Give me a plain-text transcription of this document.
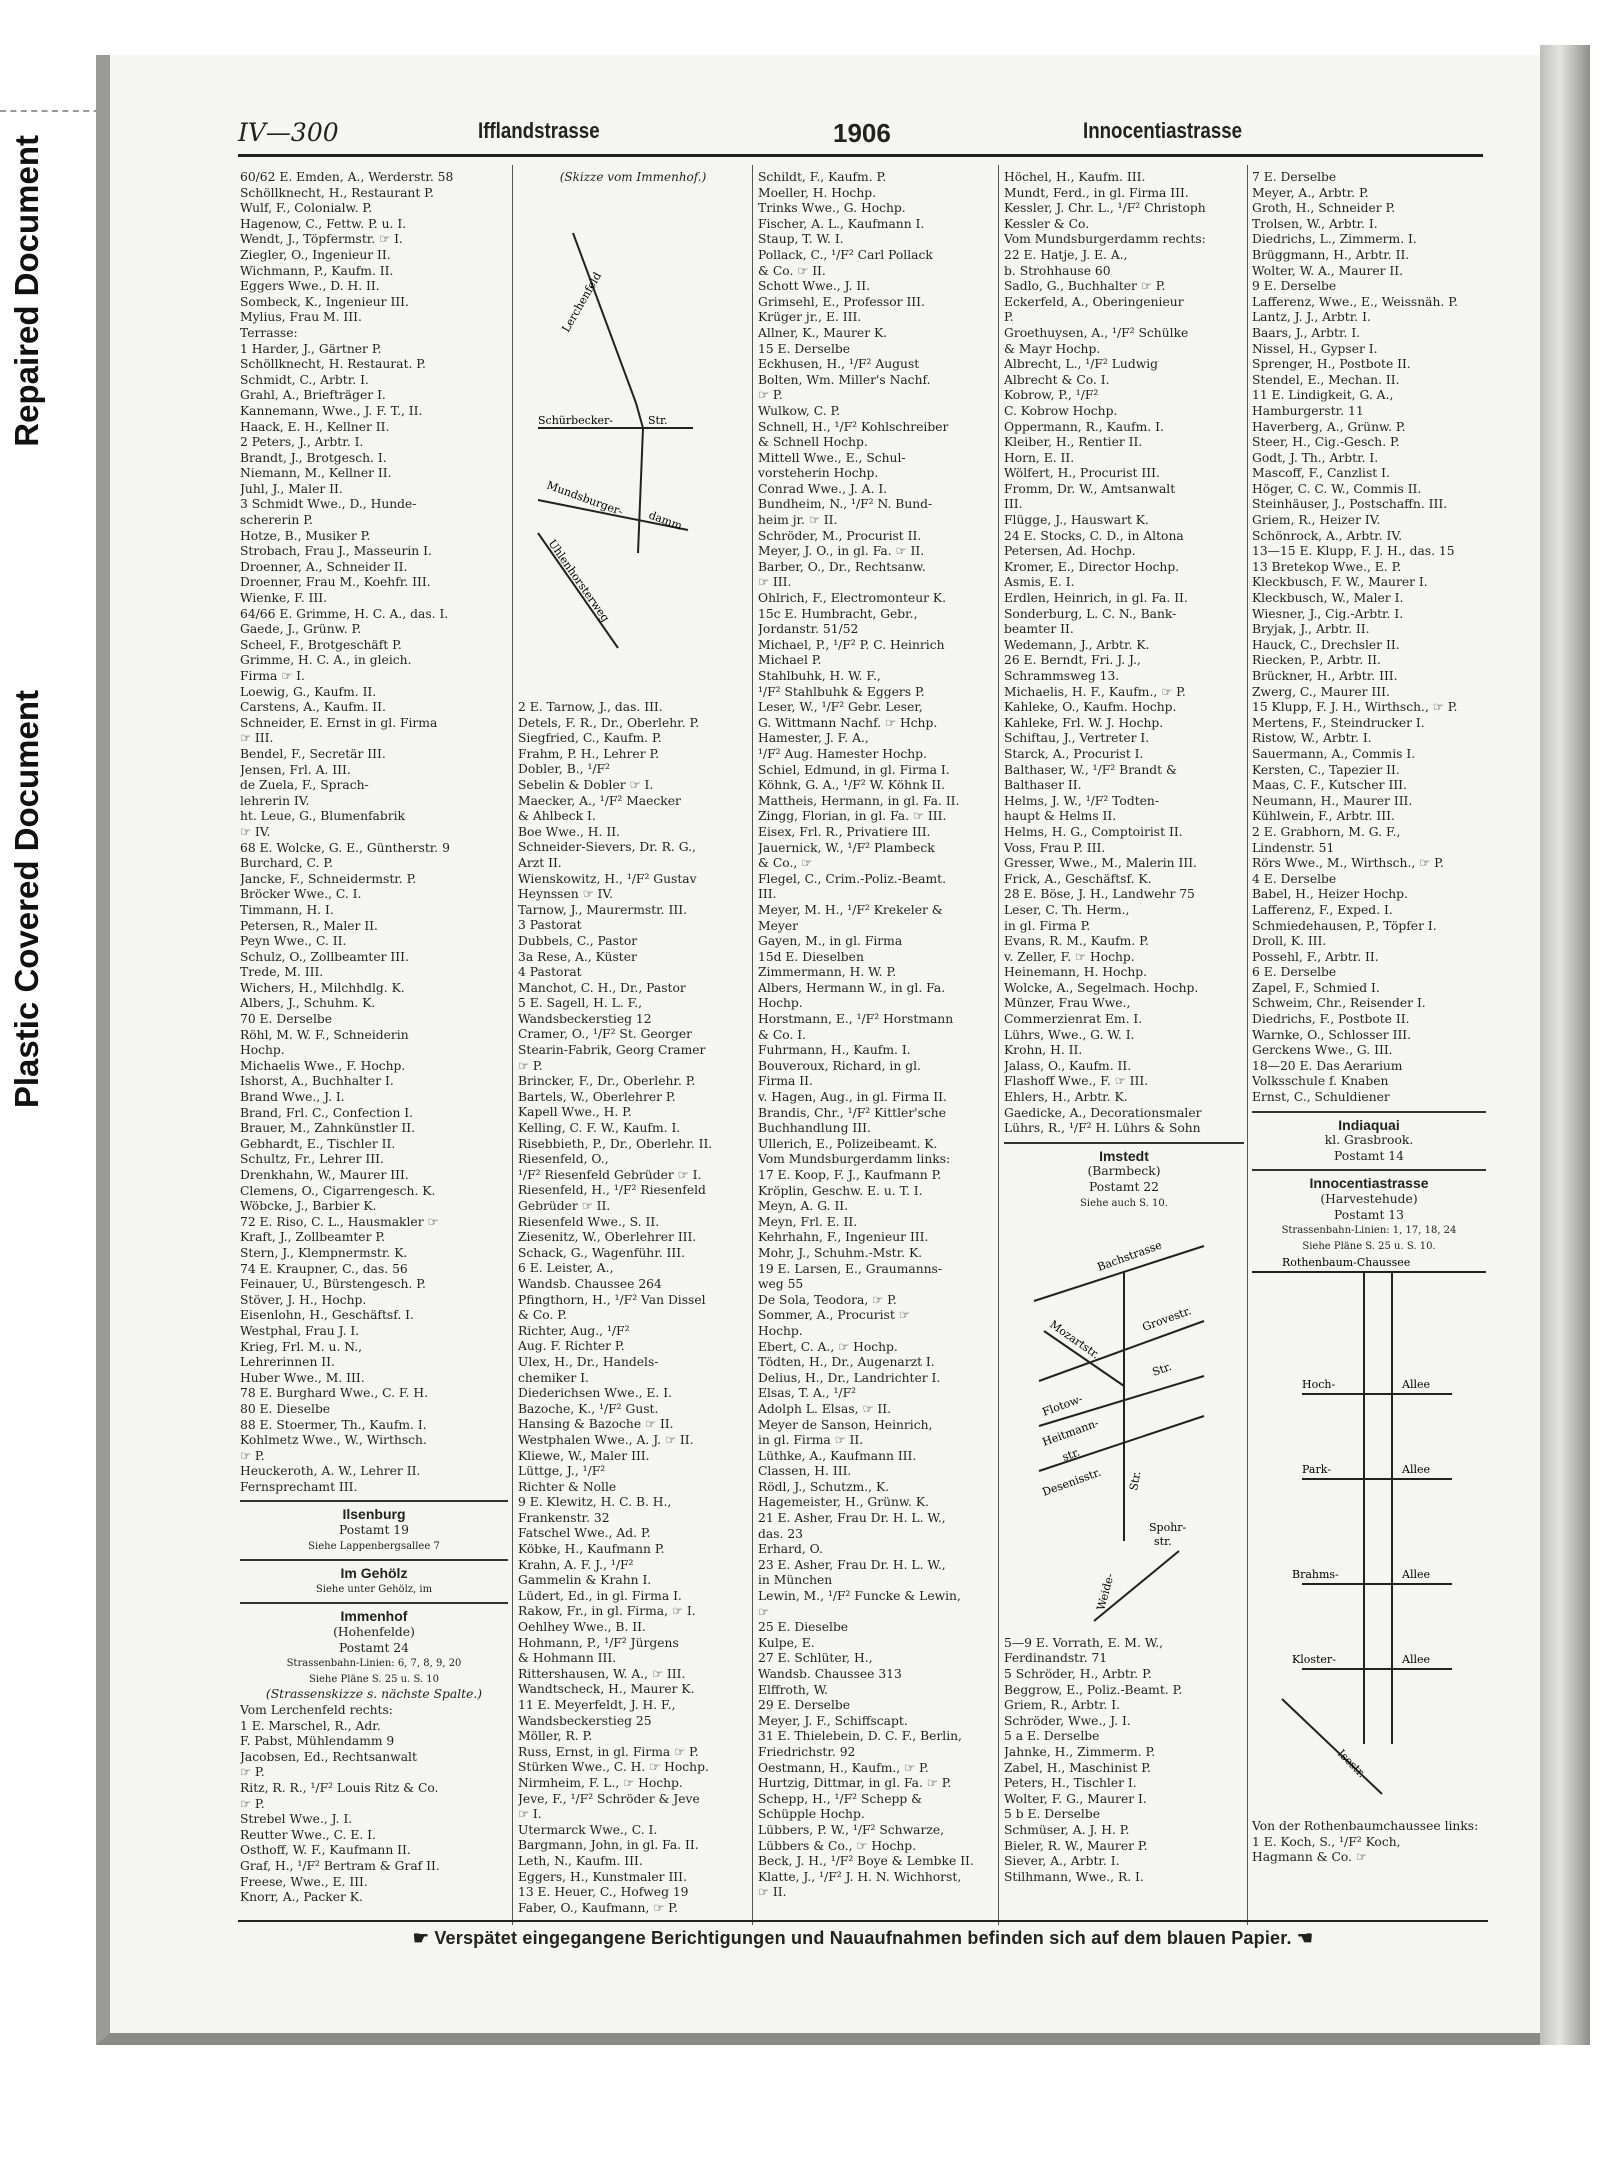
Repaired Document
Plastic Covered Document
IV—300	Ifflandstrasse	1906	Innocentiastrasse
60/62 E. Emden, A., Werderstr. 58
Schöllknecht, H., Restaurant P.
Wulf, F., Colonialw. P.
Hagenow, C., Fettw. P. u. I.
Wendt, J., Töpfermstr. ☞ I.
Ziegler, O., Ingenieur II.
Wichmann, P., Kaufm. II.
Eggers Wwe., D. H. II.
Sombeck, K., Ingenieur III.
Mylius, Frau M. III.
Terrasse:
1 Harder, J., Gärtner P.
Schöllknecht, H. Restaurat. P.
Schmidt, C., Arbtr. I.
Grahl, A., Briefträger I.
Kannemann, Wwe., J. F. T., II.
Haack, E. H., Kellner II.
2 Peters, J., Arbtr. I.
Brandt, J., Brotgesch. I.
Niemann, M., Kellner II.
Juhl, J., Maler II.
3 Schmidt Wwe., D., Hunde-
schererin P.
Hotze, B., Musiker P.
Strobach, Frau J., Masseurin I.
Droenner, A., Schneider II.
Droenner, Frau M., Koehfr. III.
Wienke, F. III.
64/66 E. Grimme, H. C. A., das. I.
Gaede, J., Grünw. P.
Scheel, F., Brotgeschäft P.
Grimme, H. C. A., in gleich.
Firma ☞ I.
Loewig, G., Kaufm. II.
Carstens, A., Kaufm. II.
Schneider, E. Ernst in gl. Firma
☞ III.
Bendel, F., Secretär III.
Jensen, Frl. A. III.
de Zuela, F., Sprach-
lehrerin IV.
ht. Leue, G., Blumenfabrik
☞ IV.
68 E. Wolcke, G. E., Güntherstr. 9
Burchard, C. P.
Jancke, F., Schneidermstr. P.
Bröcker Wwe., C. I.
Timmann, H. I.
Petersen, R., Maler II.
Peyn Wwe., C. II.
Schulz, O., Zollbeamter III.
Trede, M. III.
Wichers, H., Milchhdlg. K.
Albers, J., Schuhm. K.
70 E. Derselbe
Röhl, M. W. F., Schneiderin
Hochp.
Michaelis Wwe., F. Hochp.
Ishorst, A., Buchhalter I.
Brand Wwe., J. I.
Brand, Frl. C., Confection I.
Brauer, M., Zahnkünstler II.
Gebhardt, E., Tischler II.
Schultz, Fr., Lehrer III.
Drenkhahn, W., Maurer III.
Clemens, O., Cigarrengesch. K.
Wöbcke, J., Barbier K.
72 E. Riso, C. L., Hausmakler ☞
Kraft, J., Zollbeamter P.
Stern, J., Klempnermstr. K.
74 E. Kraupner, C., das. 56
Feinauer, U., Bürstengesch. P.
Stöver, J. H., Hochp.
Eisenlohn, H., Geschäftsf. I.
Westphal, Frau J. I.
Krieg, Frl. M. u. N.,
Lehrerinnen II.
Huber Wwe., M. III.
78 E. Burghard Wwe., C. F. H.
80 E. Dieselbe
88 E. Stoermer, Th., Kaufm. I.
Kohlmetz Wwe., W., Wirthsch.
☞ P.
Heuckeroth, A. W., Lehrer II.
Fernsprechamt III.
Ilsenburg
Postamt 19
Siehe Lappenbergsallee 7
Im Gehölz
Siehe unter Gehölz, im
Immenhof
(Hohenfelde)
Postamt 24
Strassenbahn-Linien: 6, 7, 8, 9, 20
Siehe Pläne S. 25 u. S. 10
(Strassenskizze s. nächste Spalte.)
Vom Lerchenfeld rechts:
1 E. Marschel, R., Adr.
F. Pabst, Mühlendamm 9
Jacobsen, Ed., Rechtsanwalt
☞ P.
Ritz, R. R., ¹/F² Louis Ritz & Co.
☞ P.
Strebel Wwe., J. I.
Reutter Wwe., C. E. I.
Osthoff, W. F., Kaufmann II.
Graf, H., ¹/F² Bertram & Graf II.
Freese, Wwe., E. III.
Knorr, A., Packer K.
(Skizze vom Immenhof.)
Lerchenfeld
Schürbecker-	Str.
Mundsburger-
damm
Uhlenhorsterweg
2 E. Tarnow, J., das. III.
Detels, F. R., Dr., Oberlehr. P.
Siegfried, C., Kaufm. P.
Frahm, P. H., Lehrer P.
Dobler, B., ¹/F²
Sebelin & Dobler ☞ I.
Maecker, A., ¹/F² Maecker
& Ahlbeck I.
Boe Wwe., H. II.
Schneider-Sievers, Dr. R. G.,
Arzt II.
Wienskowitz, H., ¹/F² Gustav
Heynssen ☞ IV.
Tarnow, J., Maurermstr. III.
3 Pastorat
Dubbels, C., Pastor
3a Rese, A., Küster
4 Pastorat
Manchot, C. H., Dr., Pastor
5 E. Sagell, H. L. F.,
Wandsbeckerstieg 12
Cramer, O., ¹/F² St. Georger
Stearin-Fabrik, Georg Cramer
☞ P.
Brincker, F., Dr., Oberlehr. P.
Bartels, W., Oberlehrer P.
Kapell Wwe., H. P.
Kelling, C. F. W., Kaufm. I.
Risebbieth, P., Dr., Oberlehr. II.
Riesenfeld, O.,
¹/F² Riesenfeld Gebrüder ☞ I.
Riesenfeld, H., ¹/F² Riesenfeld
Gebrüder ☞ II.
Riesenfeld Wwe., S. II.
Ziesenitz, W., Oberlehrer III.
Schack, G., Wagenführ. III.
6 E. Leister, A.,
Wandsb. Chaussee 264
Pfingthorn, H., ¹/F² Van Dissel
& Co. P.
Richter, Aug., ¹/F²
Aug. F. Richter P.
Ulex, H., Dr., Handels-
chemiker I.
Diederichsen Wwe., E. I.
Bazoche, K., ¹/F² Gust.
Hansing & Bazoche ☞ II.
Westphalen Wwe., A. J. ☞ II.
Kliewe, W., Maler III.
Lüttge, J., ¹/F²
Richter & Nolle
9 E. Klewitz, H. C. B. H.,
Frankenstr. 32
Fatschel Wwe., Ad. P.
Köbke, H., Kaufmann P.
Krahn, A. F. J., ¹/F²
Gammelin & Krahn I.
Lüdert, Ed., in gl. Firma I.
Rakow, Fr., in gl. Firma, ☞ I.
Oehlhey Wwe., B. II.
Hohmann, P., ¹/F² Jürgens
& Hohmann III.
Rittershausen, W. A., ☞ III.
Wandtscheck, H., Maurer K.
11 E. Meyerfeldt, J. H. F.,
Wandsbeckerstieg 25
Möller, R. P.
Russ, Ernst, in gl. Firma ☞ P.
Stürken Wwe., C. H. ☞ Hochp.
Nirmheim, F. L., ☞ Hochp.
Jeve, F., ¹/F² Schröder & Jeve
☞ I.
Utermarck Wwe., C. I.
Bargmann, John, in gl. Fa. II.
Leth, N., Kaufm. III.
Eggers, H., Kunstmaler III.
13 E. Heuer, C., Hofweg 19
Faber, O., Kaufmann, ☞ P.
Schildt, F., Kaufm. P.
Moeller, H. Hochp.
Trinks Wwe., G. Hochp.
Fischer, A. L., Kaufmann I.
Staup, T. W. I.
Pollack, C., ¹/F² Carl Pollack
& Co. ☞ II.
Schott Wwe., J. II.
Grimsehl, E., Professor III.
Krüger jr., E. III.
Allner, K., Maurer K.
15 E. Derselbe
Eckhusen, H., ¹/F² August
Bolten, Wm. Miller's Nachf.
☞ P.
Wulkow, C. P.
Schnell, H., ¹/F² Kohlschreiber
& Schnell Hochp.
Mittell Wwe., E., Schul-
vorsteherin Hochp.
Conrad Wwe., J. A. I.
Bundheim, N., ¹/F² N. Bund-
heim jr. ☞ II.
Schröder, M., Procurist II.
Meyer, J. O., in gl. Fa. ☞ II.
Barber, O., Dr., Rechtsanw.
☞ III.
Ohlrich, F., Electromonteur K.
15c E. Humbracht, Gebr.,
Jordanstr. 51/52
Michael, P., ¹/F² P. C. Heinrich
Michael P.
Stahlbuhk, H. W. F.,
¹/F² Stahlbuhk & Eggers P.
Leser, W., ¹/F² Gebr. Leser,
G. Wittmann Nachf. ☞ Hchp.
Hamester, J. F. A.,
¹/F² Aug. Hamester Hochp.
Schiel, Edmund, in gl. Firma I.
Köhnk, G. A., ¹/F² W. Köhnk II.
Mattheis, Hermann, in gl. Fa. II.
Zingg, Florian, in gl. Fa. ☞ III.
Eisex, Frl. R., Privatiere III.
Jauernick, W., ¹/F² Plambeck
& Co., ☞
Flegel, C., Crim.-Poliz.-Beamt.
III.
Meyer, M. H., ¹/F² Krekeler &
Meyer
Gayen, M., in gl. Firma
15d E. Dieselben
Zimmermann, H. W. P.
Albers, Hermann W., in gl. Fa.
Hochp.
Horstmann, E., ¹/F² Horstmann
& Co. I.
Fuhrmann, H., Kaufm. I.
Bouveroux, Richard, in gl.
Firma II.
v. Hagen, Aug., in gl. Firma II.
Brandis, Chr., ¹/F² Kittler'sche
Buchhandlung III.
Ullerich, E., Polizeibeamt. K.
Vom Mundsburgerdamm links:
17 E. Koop, F. J., Kaufmann P.
Kröplin, Geschw. E. u. T. I.
Meyn, A. G. II.
Meyn, Frl. E. II.
Kehrhahn, F., Ingenieur III.
Mohr, J., Schuhm.-Mstr. K.
19 E. Larsen, E., Graumanns-
weg 55
De Sola, Teodora, ☞ P.
Sommer, A., Procurist ☞
Hochp.
Ebert, C. A., ☞ Hochp.
Tödten, H., Dr., Augenarzt I.
Delius, H., Dr., Landrichter I.
Elsas, T. A., ¹/F²
Adolph L. Elsas, ☞ II.
Meyer de Sanson, Heinrich,
in gl. Firma ☞ II.
Lüthke, A., Kaufmann III.
Classen, H. III.
Rödl, J., Schutzm., K.
Hagemeister, H., Grünw. K.
21 E. Asher, Frau Dr. H. L. W.,
das. 23
Erhard, O.
23 E. Asher, Frau Dr. H. L. W.,
in München
Lewin, M., ¹/F² Funcke & Lewin,
☞
25 E. Dieselbe
Kulpe, E.
27 E. Schlüter, H.,
Wandsb. Chaussee 313
Elffroth, W.
29 E. Derselbe
Meyer, J. F., Schiffscapt.
31 E. Thielebein, D. C. F., Berlin,
Friedrichstr. 92
Oestmann, H., Kaufm., ☞ P.
Hurtzig, Dittmar, in gl. Fa. ☞ P.
Schepp, H., ¹/F² Schepp &
Schüpple Hochp.
Lübbers, P. W., ¹/F² Schwarze,
Lübbers & Co., ☞ Hochp.
Beck, J. H., ¹/F² Boye & Lembke II.
Klatte, J., ¹/F² J. H. N. Wichhorst,
☞ II.
Höchel, H., Kaufm. III.
Mundt, Ferd., in gl. Firma III.
Kessler, J. Chr. L., ¹/F² Christoph
Kessler & Co.
Vom Mundsburgerdamm rechts:
22 E. Hatje, J. E. A.,
b. Strohhause 60
Sadlo, G., Buchhalter ☞ P.
Eckerfeld, A., Oberingenieur
P.
Groethuysen, A., ¹/F² Schülke
& Mayr Hochp.
Albrecht, L., ¹/F² Ludwig
Albrecht & Co. I.
Kobrow, P., ¹/F²
C. Kobrow Hochp.
Oppermann, R., Kaufm. I.
Kleiber, H., Rentier II.
Horn, E. II.
Wölfert, H., Procurist III.
Fromm, Dr. W., Amtsanwalt
III.
Flügge, J., Hauswart K.
24 E. Stocks, C. D., in Altona
Petersen, Ad. Hochp.
Kromer, E., Director Hochp.
Asmis, E. I.
Erdlen, Heinrich, in gl. Fa. II.
Sonderburg, L. C. N., Bank-
beamter II.
Wedemann, J., Arbtr. K.
26 E. Berndt, Fri. J. J.,
Schrammsweg 13.
Michaelis, H. F., Kaufm., ☞ P.
Kahleke, O., Kaufm. Hochp.
Kahleke, Frl. W. J. Hochp.
Schiftau, J., Vertreter I.
Starck, A., Procurist I.
Balthaser, W., ¹/F² Brandt &
Balthaser II.
Helms, J. W., ¹/F² Todten-
haupt & Helms II.
Helms, H. G., Comptoirist II.
Voss, Frau P. III.
Gresser, Wwe., M., Malerin III.
Frick, A., Geschäftsf. K.
28 E. Böse, J. H., Landwehr 75
Leser, C. Th. Herm.,
in gl. Firma P.
Evans, R. M., Kaufm. P.
v. Zeller, F. ☞ Hochp.
Heinemann, H. Hochp.
Wolcke, A., Segelmach. Hochp.
Münzer, Frau Wwe.,
Commerzienrat Em. I.
Lührs, Wwe., G. W. I.
Krohn, H. II.
Jalass, O., Kaufm. II.
Flashoff Wwe., F. ☞ III.
Ehlers, H., Arbtr. K.
Gaedicke, A., Decorationsmaler
Lührs, R., ¹/F² H. Lührs & Sohn
Imstedt
(Barmbeck)
Postamt 22
Siehe auch S. 10.
Bachstrasse
Grovestr.
Mozartstr.
Str.
Flotow-
Heitmann-
str.
Desenisstr.
Spohr-
str.
Weide-
Str.
5—9 E. Vorrath, E. M. W.,
Ferdinandstr. 71
5 Schröder, H., Arbtr. P.
Beggrow, E., Poliz.-Beamt. P.
Griem, R., Arbtr. I.
Schröder, Wwe., J. I.
5 a E. Derselbe
Jahnke, H., Zimmerm. P.
Zabel, H., Maschinist P.
Peters, H., Tischler I.
Wolter, F. G., Maurer I.
5 b E. Derselbe
Schmüser, A. J. H. P.
Bieler, R. W., Maurer P.
Siever, A., Arbtr. I.
Stilhmann, Wwe., R. I.
7 E. Derselbe
Meyer, A., Arbtr. P.
Groth, H., Schneider P.
Trolsen, W., Arbtr. I.
Diedrichs, L., Zimmerm. I.
Brüggmann, H., Arbtr. II.
Wolter, W. A., Maurer II.
9 E. Derselbe
Lafferenz, Wwe., E., Weissnäh. P.
Lantz, J. J., Arbtr. I.
Baars, J., Arbtr. I.
Nissel, H., Gypser I.
Sprenger, H., Postbote II.
Stendel, E., Mechan. II.
11 E. Lindigkeit, G. A.,
Hamburgerstr. 11
Haverberg, A., Grünw. P.
Steer, H., Cig.-Gesch. P.
Godt, J. Th., Arbtr. I.
Mascoff, F., Canzlist I.
Höger, C. C. W., Commis II.
Steinhäuser, J., Postschaffn. III.
Griem, R., Heizer IV.
Schönrock, A., Arbtr. IV.
13—15 E. Klupp, F. J. H., das. 15
13 Bretekop Wwe., E. P.
Kleckbusch, F. W., Maurer I.
Kleckbusch, W., Maler I.
Wiesner, J., Cig.-Arbtr. I.
Bryjak, J., Arbtr. II.
Hauck, C., Drechsler II.
Riecken, P., Arbtr. II.
Brückner, H., Arbtr. III.
Zwerg, C., Maurer III.
15 Klupp, F. J. H., Wirthsch., ☞ P.
Mertens, F., Steindrucker I.
Ristow, W., Arbtr. I.
Sauermann, A., Commis I.
Kersten, C., Tapezier II.
Maas, C. F., Kutscher III.
Neumann, H., Maurer III.
Kühlwein, F., Arbtr. III.
2 E. Grabhorn, M. G. F.,
Lindenstr. 51
Rörs Wwe., M., Wirthsch., ☞ P.
4 E. Derselbe
Babel, H., Heizer Hochp.
Lafferenz, F., Exped. I.
Schmiedehausen, P., Töpfer I.
Droll, K. III.
Possehl, F., Arbtr. II.
6 E. Derselbe
Zapel, F., Schmied I.
Schweim, Chr., Reisender I.
Diedrichs, F., Postbote II.
Warnke, O., Schlosser III.
Gerckens Wwe., G. III.
18—20 E. Das Aerarium
Volksschule f. Knaben
Ernst, C., Schuldiener
Indiaquai
kl. Grasbrook.
Postamt 14
Innocentiastrasse
(Harvestehude)
Postamt 13
Strassenbahn-Linien: 1, 17, 18, 24
Siehe Pläne S. 25 u. S. 10.
Rothenbaum-Chaussee
Hoch-	Allee
Park-	Allee
Brahms-	Allee
Kloster-	Allee
Isestr.
Von der Rothenbaumchaussee links:
1 E. Koch, S., ¹/F² Koch,
Hagmann & Co. ☞
☛ Verspätet eingegangene Berichtigungen und Nauaufnahmen befinden sich auf dem blauen Papier. ☚
